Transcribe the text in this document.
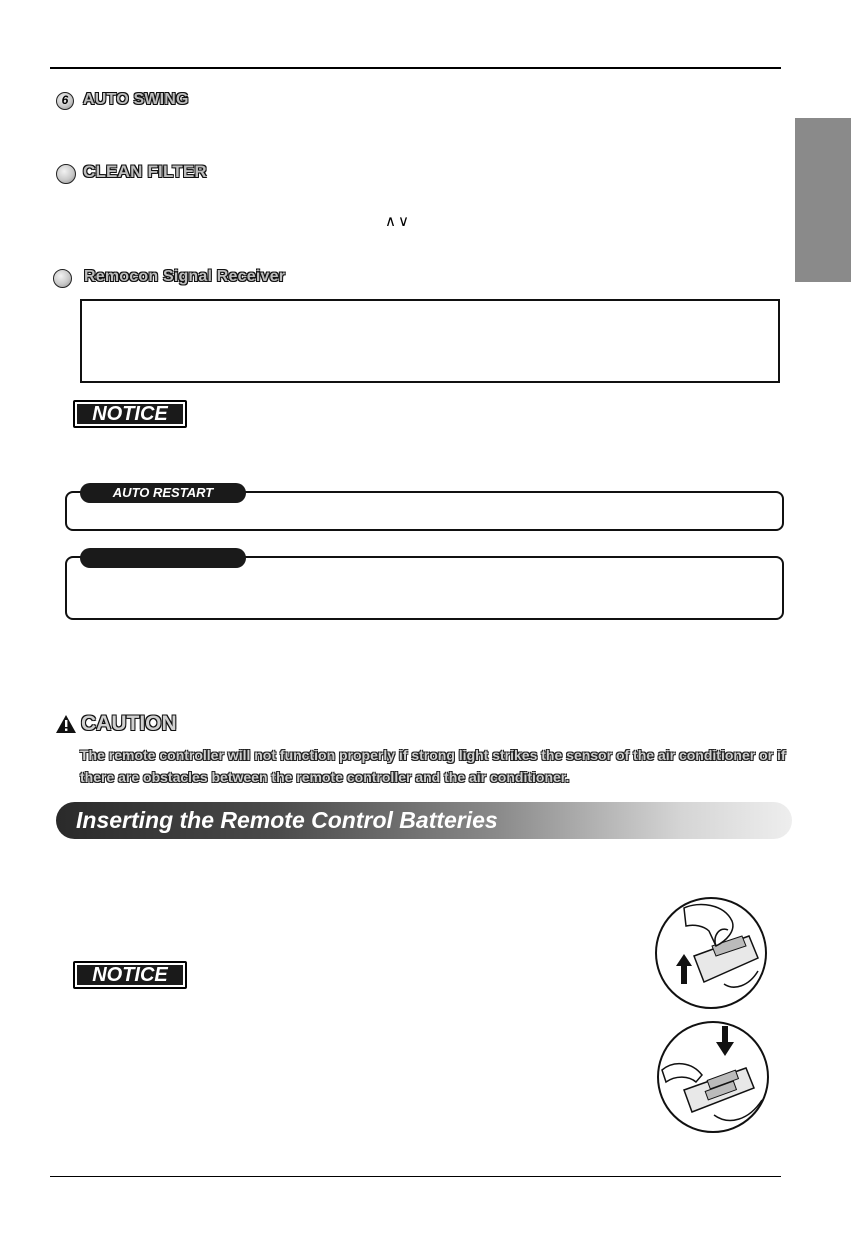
6 AUTO SWING
CLEAN FILTER
∧∨
Remocon Signal Receiver
NOTICE
AUTO RESTART
CAUTION
The remote controller will not function properly if strong light strikes the sensor of the air conditioner or if there are obstacles between the remote controller and the air conditioner.
Inserting the Remote Control Batteries
NOTICE
